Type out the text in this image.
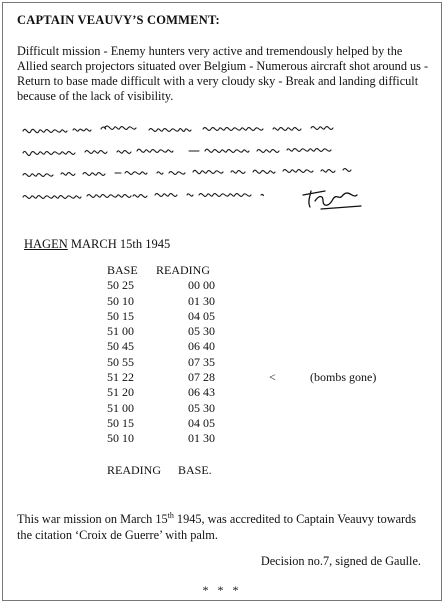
CAPTAIN VEAUVY’S COMMENT:
Difficult mission - Enemy hunters very active and tremendously helped by the Allied search projectors situated over Belgium - Numerous aircraft shot around us - Return to base made difficult with a very cloudy sky - Break and landing difficult because of the lack of visibility.
HAGEN MARCH 15th 1945
BASE READING
50 25	00 00
50 10	01 30
50 15	04 05
51 00	05 30
50 45	06 40
50 55	07 35
51 22	07 28	<	(bombs gone)
51 20	06 43
51 00	05 30
50 15	04 05
50 10	01 30
READING BASE.
This war mission on March 15th 1945, was accredited to Captain Veauvy towards the citation ‘Croix de Guerre’ with palm.
Decision no.7, signed de Gaulle.
* * *
